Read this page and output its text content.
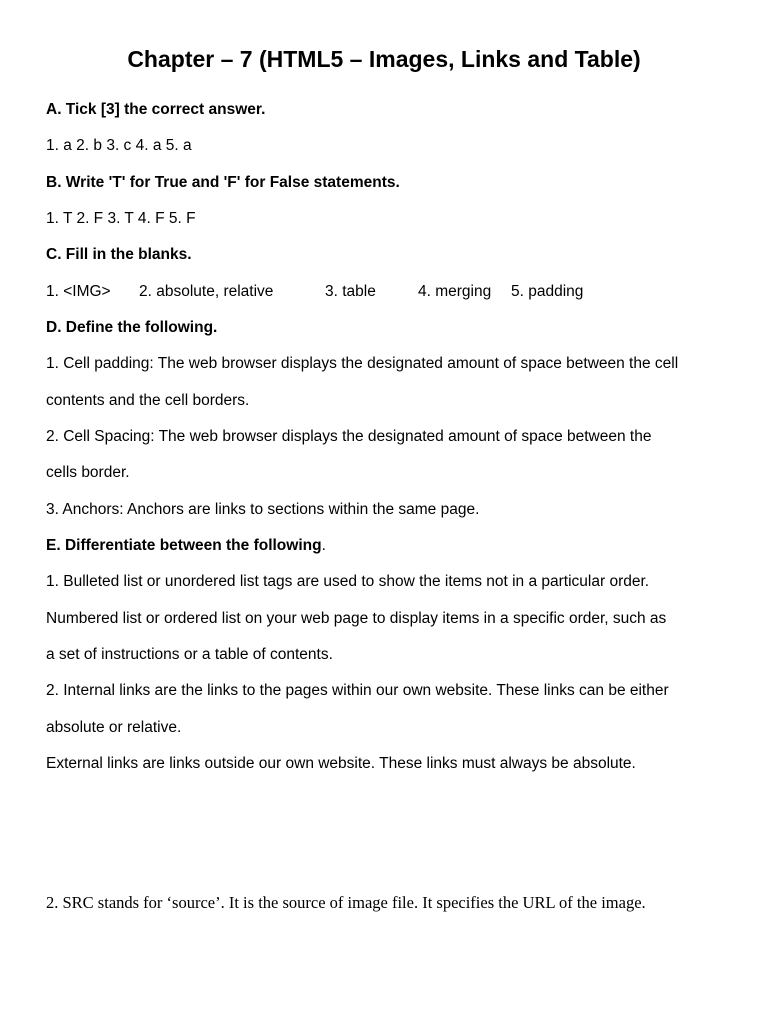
Chapter – 7 (HTML5 – Images, Links and Table)
A. Tick [3] the correct answer.
1. a 2. b 3. c 4. a 5. a
B. Write 'T' for True and 'F' for False statements.
1. T 2. F 3. T 4. F 5. F
C. Fill in the blanks.
1. <IMG> 2. absolute, relative	3. table	4. merging 5. padding
D. Define the following.
1. Cell padding: The web browser displays the designated amount of space between the cell
contents and the cell borders.
2. Cell Spacing: The web browser displays the designated amount of space between the
cells border.
3. Anchors: Anchors are links to sections within the same page.
E. Differentiate between the following.
1. Bulleted list or unordered list tags are used to show the items not in a particular order.
Numbered list or ordered list on your web page to display items in a specific order, such as
a set of instructions or a table of contents.
2. Internal links are the links to the pages within our own website. These links can be either
absolute or relative.
External links are links outside our own website. These links must always be absolute.
2. SRC stands for ‘source’. It is the source of image file. It specifies the URL of the image.
